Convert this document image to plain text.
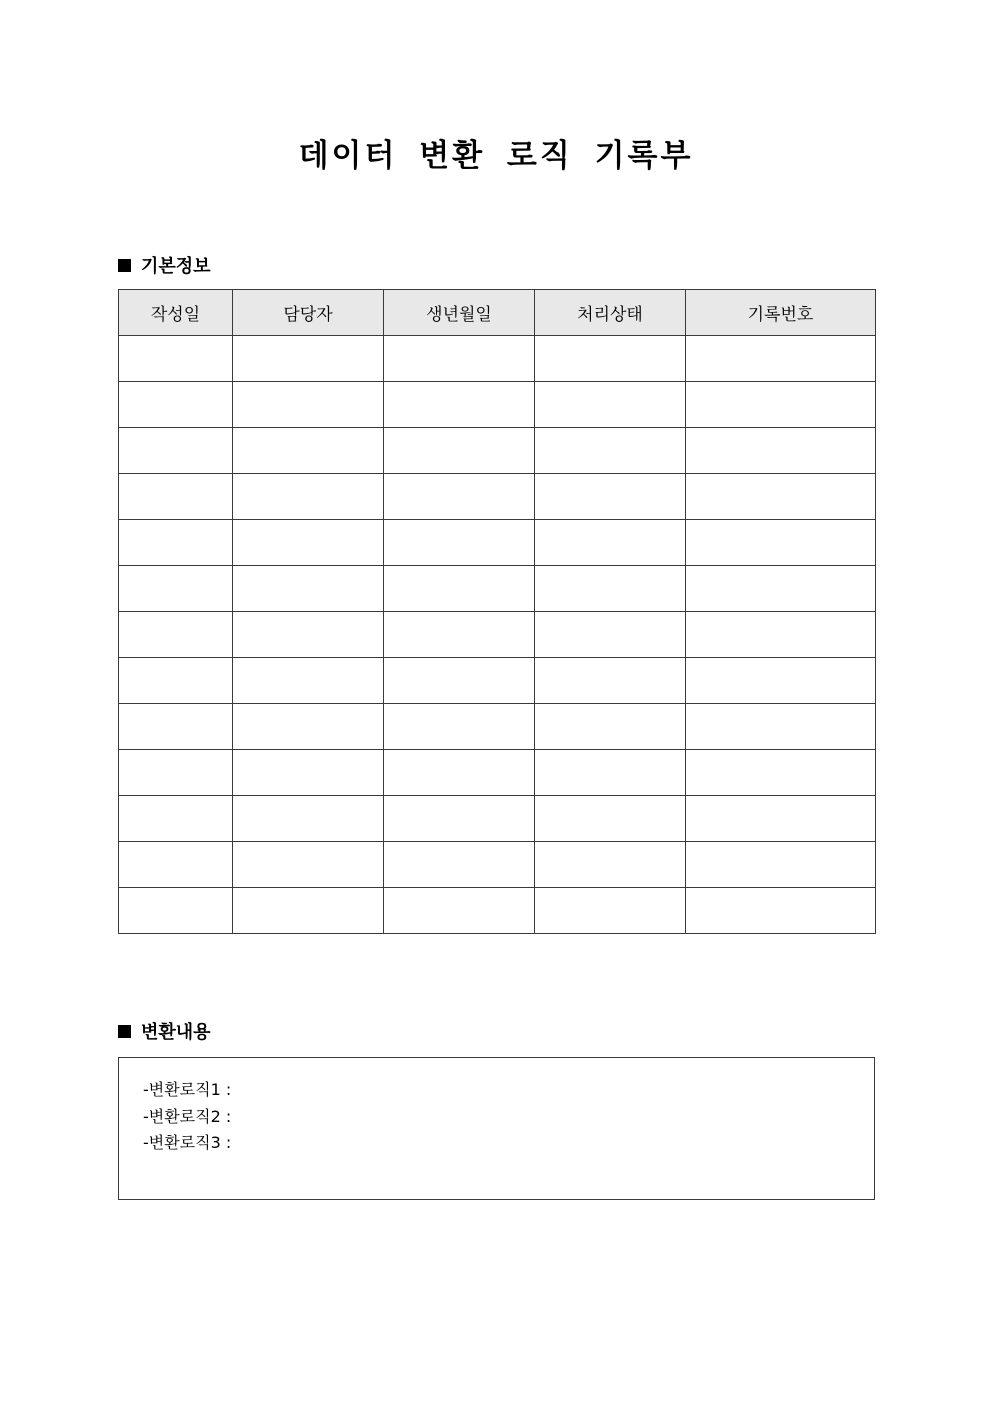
데이터 변환 로직 기록부
기본정보
작성일	담당자	생년월일	처리상태	기록번호

변환내용
-변환로직1 :
-변환로직2 :
-변환로직3 :
